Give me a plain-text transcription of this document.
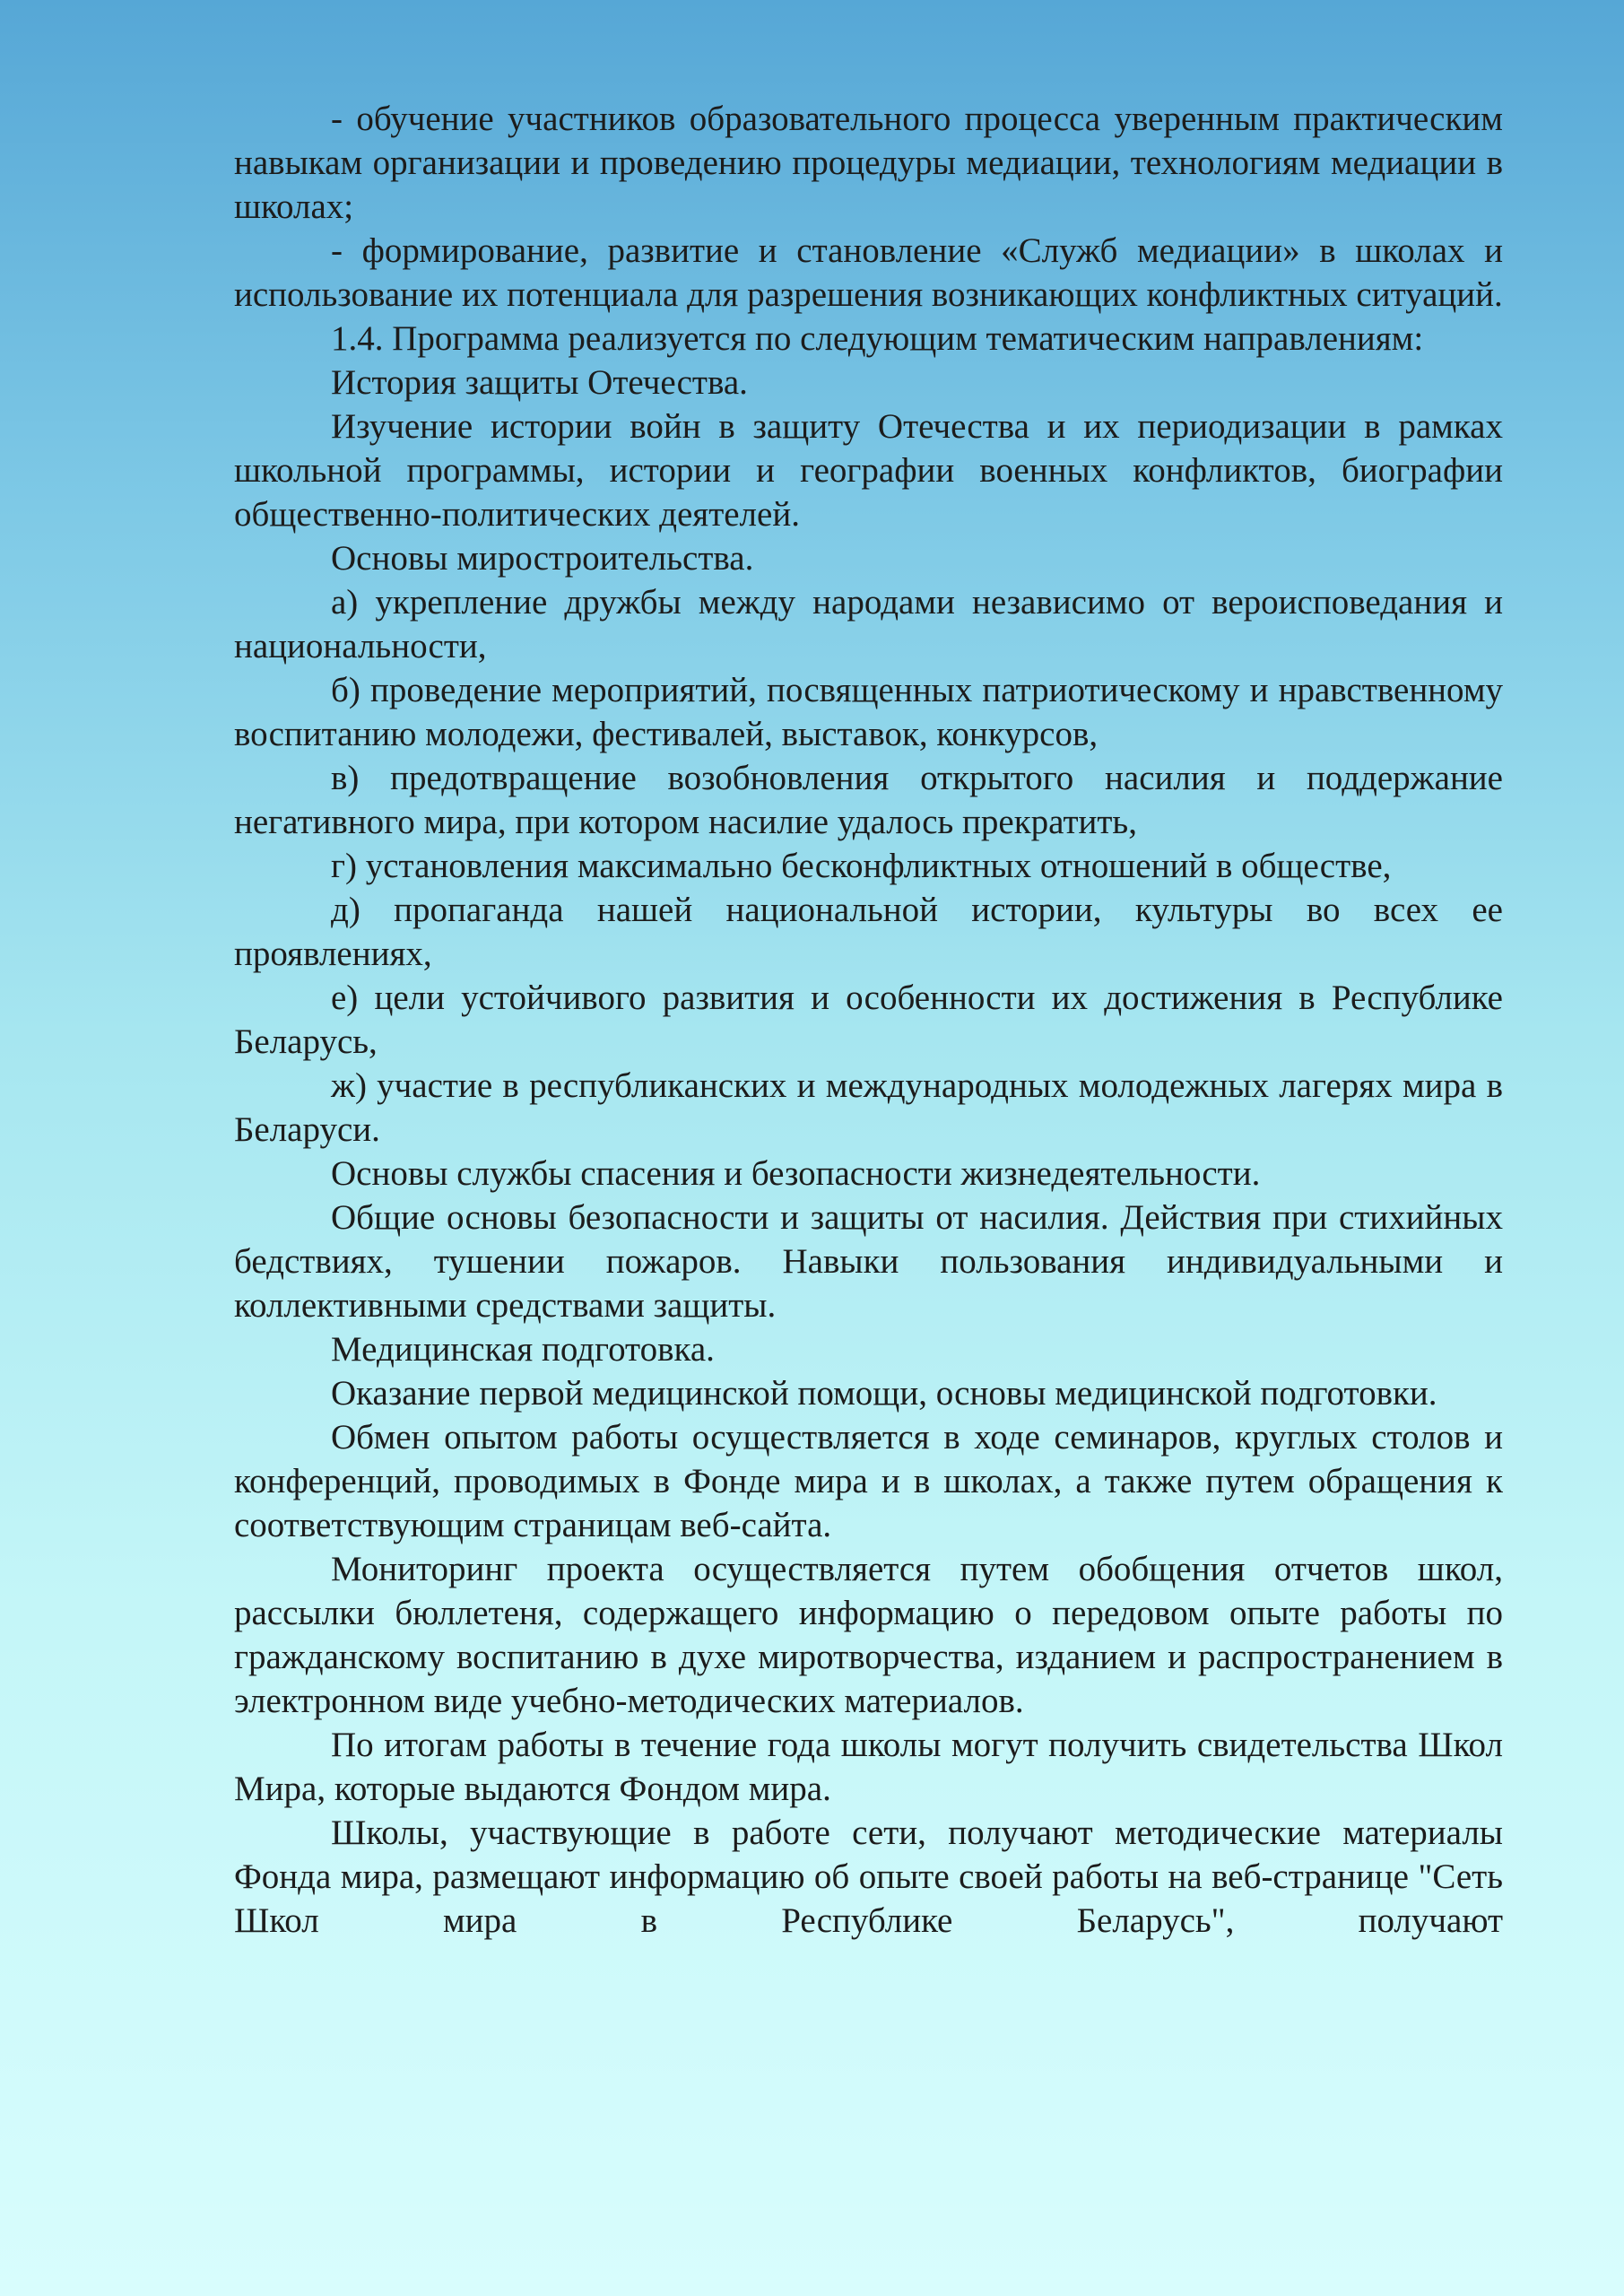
- обучение участников образовательного процесса уверенным практическим навыкам организации и проведению процедуры медиации, технологиям медиации в школах;

- формирование, развитие и становление «Служб медиации» в школах и использование их потенциала для разрешения возникающих конфликтных ситуаций.

1.4. Программа реализуется по следующим тематическим направлениям:

История защиты Отечества.

Изучение истории войн в защиту Отечества и их периодизации в рамках школьной программы, истории и географии военных конфликтов, биографии общественно-политических деятелей.

Основы миростроительства.

а) укрепление дружбы между народами независимо от вероисповедания и национальности,

б) проведение мероприятий, посвященных патриотическому и нравственному воспитанию молодежи, фестивалей, выставок, конкурсов,

в) предотвращение возобновления открытого насилия и поддержание негативного мира, при котором насилие удалось прекратить,

г) установления максимально бесконфликтных отношений в обществе,

д) пропаганда нашей национальной истории, культуры во всех ее проявлениях,

е) цели устойчивого развития и особенности их достижения в Республике Беларусь,

ж) участие в республиканских и международных молодежных лагерях мира в Беларуси.

Основы службы спасения и безопасности жизнедеятельности.

Общие основы безопасности и защиты от насилия. Действия при стихийных бедствиях, тушении пожаров. Навыки пользования индивидуальными и коллективными средствами защиты.

Медицинская подготовка.

Оказание первой медицинской помощи, основы медицинской подготовки.

Обмен опытом работы осуществляется в ходе семинаров, круглых столов и конференций, проводимых в Фонде мира и в школах, а также путем обращения к соответствующим страницам веб-сайта.

Мониторинг проекта осуществляется путем обобщения отчетов школ, рассылки бюллетеня, содержащего информацию о передовом опыте работы по гражданскому воспитанию в духе миротворчества, изданием и распространением в электронном виде учебно-методических материалов.

По итогам работы в течение года школы могут получить свидетельства Школ Мира, которые выдаются Фондом мира.

Школы, участвующие в работе сети, получают методические материалы Фонда мира, размещают информацию об опыте своей работы на веб-странице "Сеть Школ мира в Республике Беларусь", получают
